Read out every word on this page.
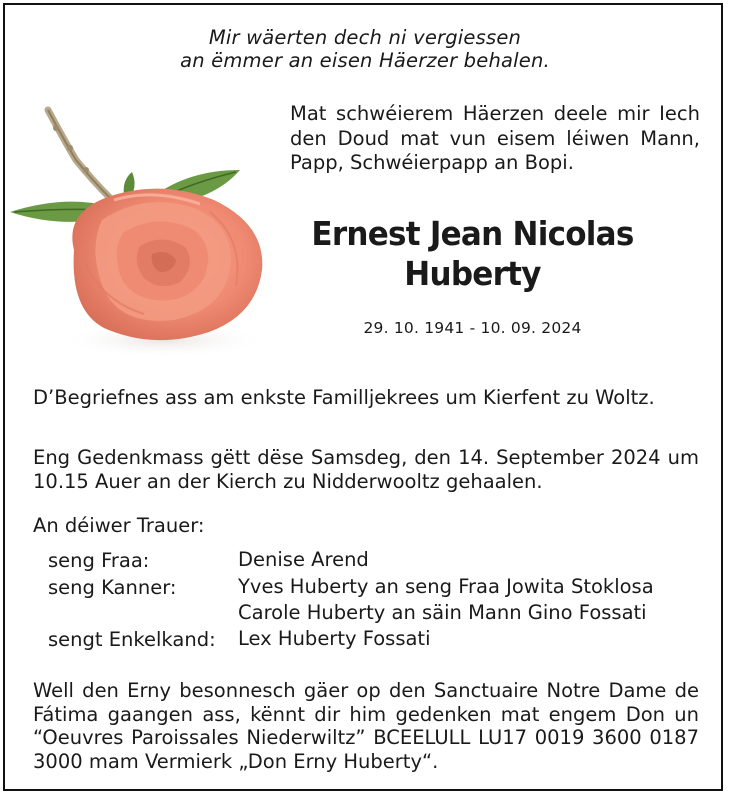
Mir wäerten dech ni vergiessen
an ëmmer an eisen Häerzer behalen.
Mat schwéierem Häerzen deele mir Iech den Doud mat vun eisem léiwen Mann, Papp, Schwéierpapp an Bopi.
Ernest Jean Nicolas
Huberty
29. 10. 1941 - 10. 09. 2024
D’Begriefnes ass am enkste Familljekrees um Kierfent zu Woltz.
Eng Gedenkmass gëtt dëse Samsdeg, den 14. September 2024 um 10.15 Auer an der Kierch zu Nidderwooltz gehaalen.
An déiwer Trauer:
seng Fraa:	Denise Arend

seng Kanner:	Yves Huberty an seng Fraa Jowita Stoklosa
Carole Huberty an säin Mann Gino Fossati

sengt Enkelkand:	Lex Huberty Fossati
Well den Erny besonnesch gäer op den Sanctuaire Notre Dame de Fátima gaangen ass, kënnt dir him gedenken mat engem Don un “Oeuvres Paroissales Niederwiltz” BCEELULL LU17 0019 3600 0187 3000 mam Vermierk „Don Erny Huberty“.
